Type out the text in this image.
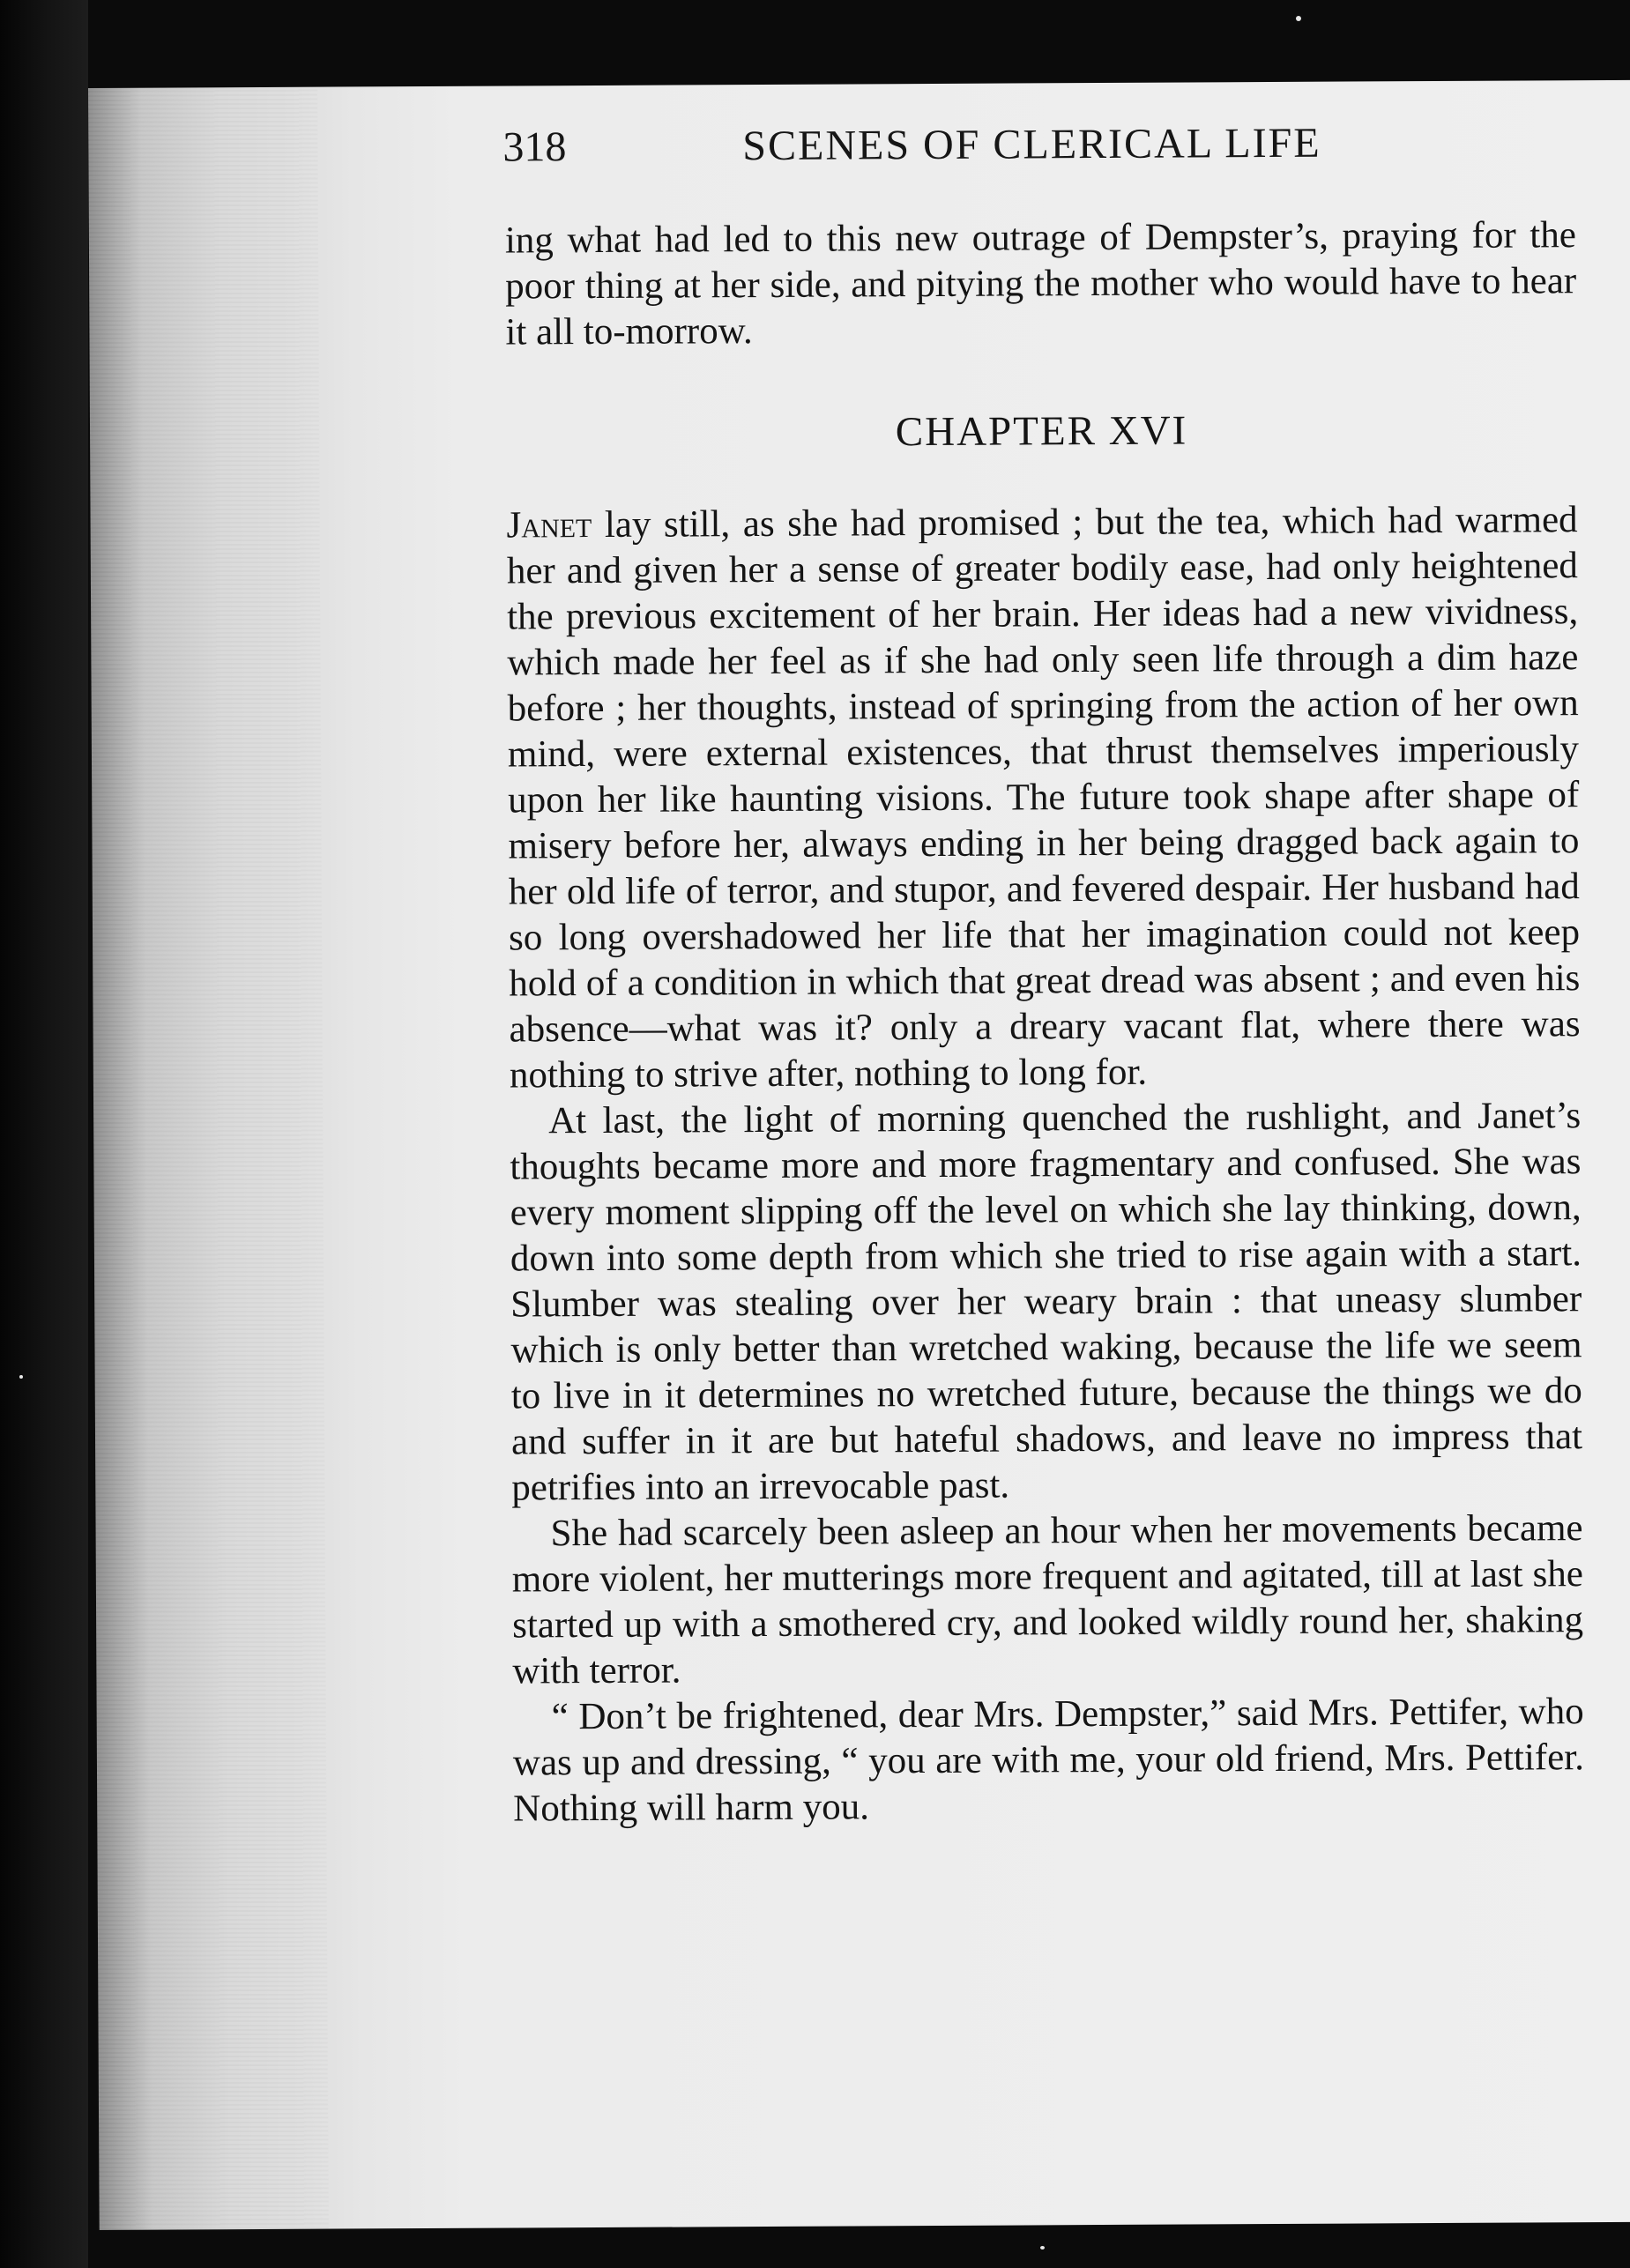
318	SCENES OF CLERICAL LIFE

ing what had led to this new outrage of Dempster’s, praying for the poor thing at her side, and pitying the mother who would have to hear it all to-morrow.

CHAPTER XVI

Janet lay still, as she had promised ; but the tea, which had warmed her and given her a sense of greater bodily ease, had only heightened the previous excitement of her brain. Her ideas had a new vividness, which made her feel as if she had only seen life through a dim haze before ; her thoughts, instead of springing from the action of her own mind, were external existences, that thrust themselves imperiously upon her like haunting visions. The future took shape after shape of misery before her, always ending in her being dragged back again to her old life of terror, and stupor, and fevered despair. Her husband had so long overshadowed her life that her imagination could not keep hold of a condition in which that great dread was absent ; and even his absence—what was it? only a dreary vacant flat, where there was nothing to strive after, nothing to long for.

At last, the light of morning quenched the rushlight, and Janet’s thoughts became more and more fragmentary and confused. She was every moment slipping off the level on which she lay thinking, down, down into some depth from which she tried to rise again with a start. Slumber was stealing over her weary brain : that uneasy slumber which is only better than wretched waking, because the life we seem to live in it determines no wretched future, because the things we do and suffer in it are but hateful shadows, and leave no impress that petrifies into an irrevocable past.

She had scarcely been asleep an hour when her movements became more violent, her mutterings more frequent and agitated, till at last she started up with a smothered cry, and looked wildly round her, shaking with terror.

“ Don’t be frightened, dear Mrs. Dempster,” said Mrs. Pettifer, who was up and dressing, “ you are with me, your old friend, Mrs. Pettifer. Nothing will harm you.
